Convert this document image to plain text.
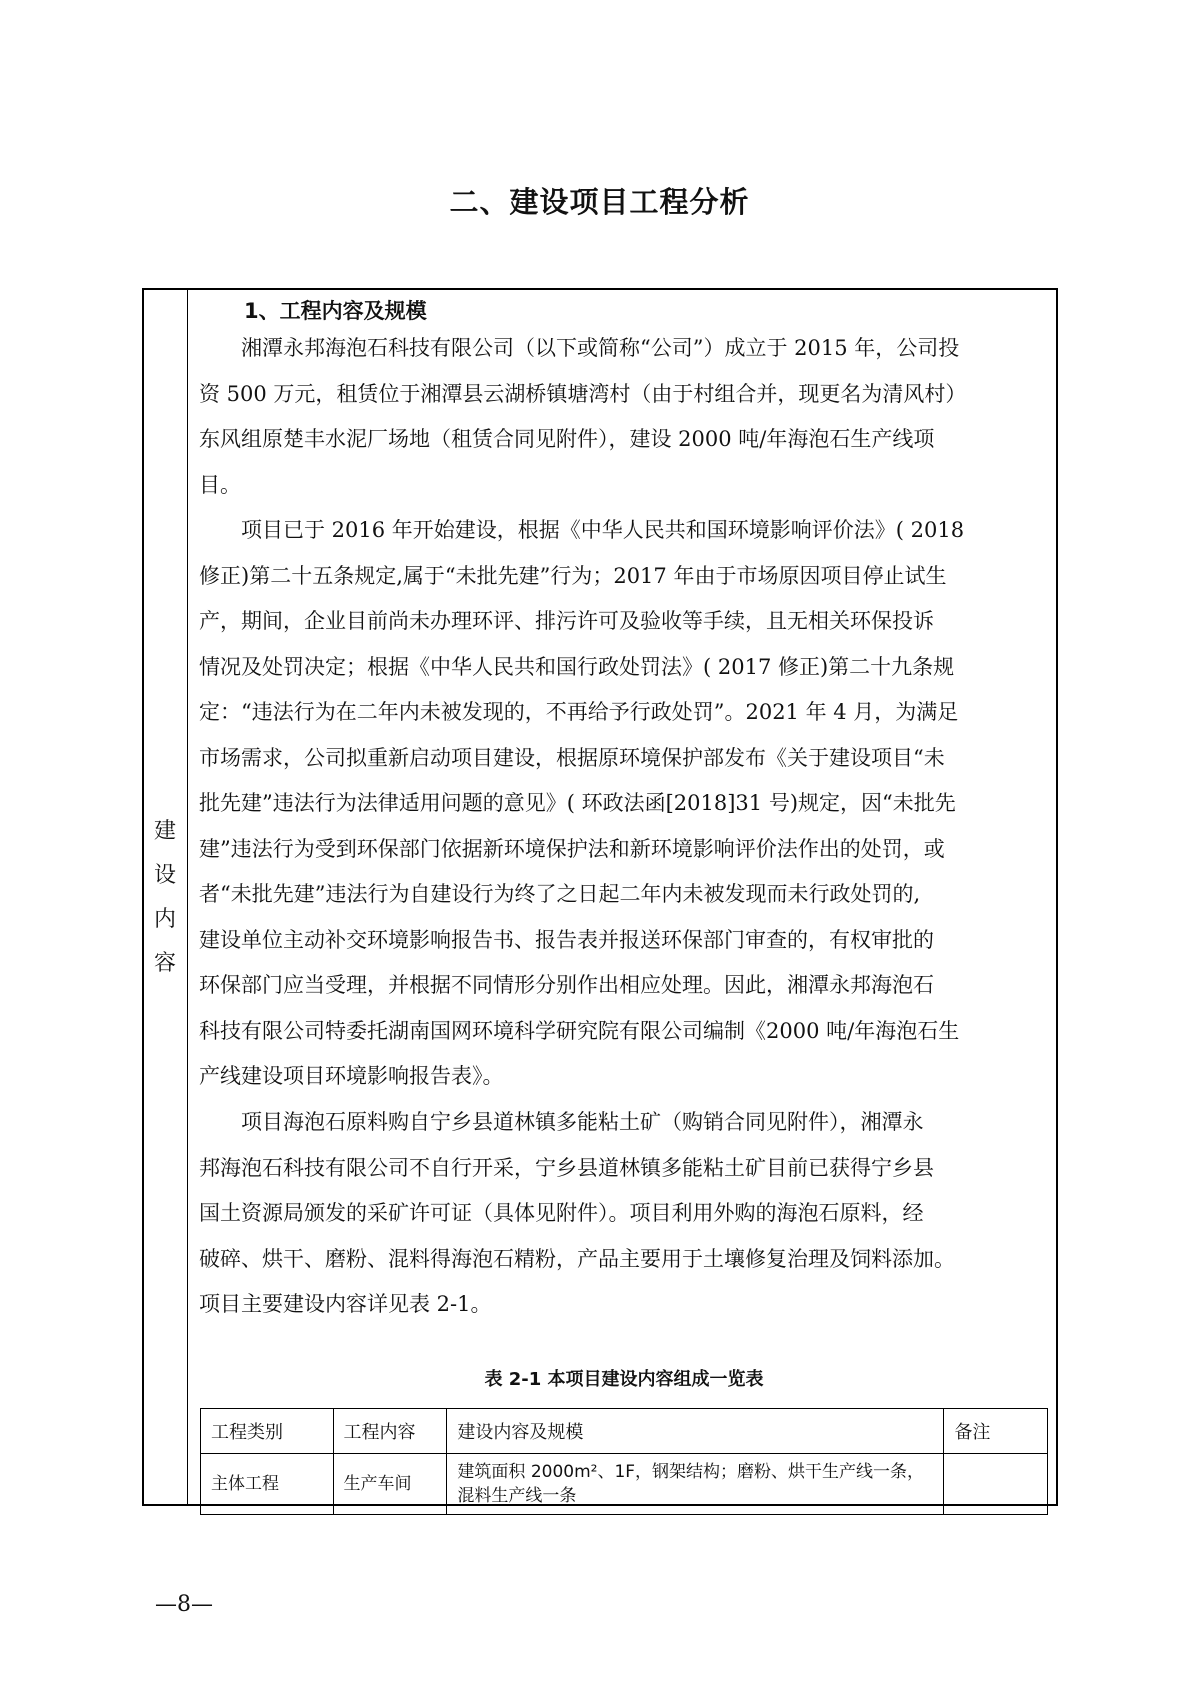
二、建设项目工程分析
建
设
内
容
1、工程内容及规模

湘潭永邦海泡石科技有限公司（以下或简称“公司”）成立于 2015 年，公司投
资 500 万元，租赁位于湘潭县云湖桥镇塘湾村（由于村组合并，现更名为清风村）
东风组原楚丰水泥厂场地（租赁合同见附件），建设 2000 吨/年海泡石生产线项
目。

项目已于 2016 年开始建设，根据《中华人民共和国环境影响评价法》( 2018
修正)第二十五条规定,属于“未批先建”行为；2017 年由于市场原因项目停止试生
产，期间，企业目前尚未办理环评、排污许可及验收等手续，且无相关环保投诉
情况及处罚决定；根据《中华人民共和国行政处罚法》( 2017 修正)第二十九条规
定：“违法行为在二年内未被发现的，不再给予行政处罚”。2021 年 4 月，为满足
市场需求，公司拟重新启动项目建设，根据原环境保护部发布《关于建设项目“未
批先建”违法行为法律适用问题的意见》( 环政法函[2018]31 号)规定，因“未批先
建”违法行为受到环保部门依据新环境保护法和新环境影响评价法作出的处罚，或
者“未批先建”违法行为自建设行为终了之日起二年内未被发现而未行政处罚的,
建设单位主动补交环境影响报告书、报告表并报送环保部门审查的，有权审批的
环保部门应当受理，并根据不同情形分别作出相应处理。因此，湘潭永邦海泡石
科技有限公司特委托湖南国网环境科学研究院有限公司编制《2000 吨/年海泡石生
产线建设项目环境影响报告表》。

项目海泡石原料购自宁乡县道林镇多能粘土矿（购销合同见附件），湘潭永
邦海泡石科技有限公司不自行开采，宁乡县道林镇多能粘土矿目前已获得宁乡县
国土资源局颁发的采矿许可证（具体见附件）。项目利用外购的海泡石原料，经
破碎、烘干、磨粉、混料得海泡石精粉，产品主要用于土壤修复治理及饲料添加。
项目主要建设内容详见表 2-1。

表 2-1 本项目建设内容组成一览表
工程类别	工程内容	建设内容及规模	备注
主体工程	生产车间	建筑面积 2000m²、1F，钢架结构；磨粉、烘干生产线一条，混料生产线一条	
—8—
